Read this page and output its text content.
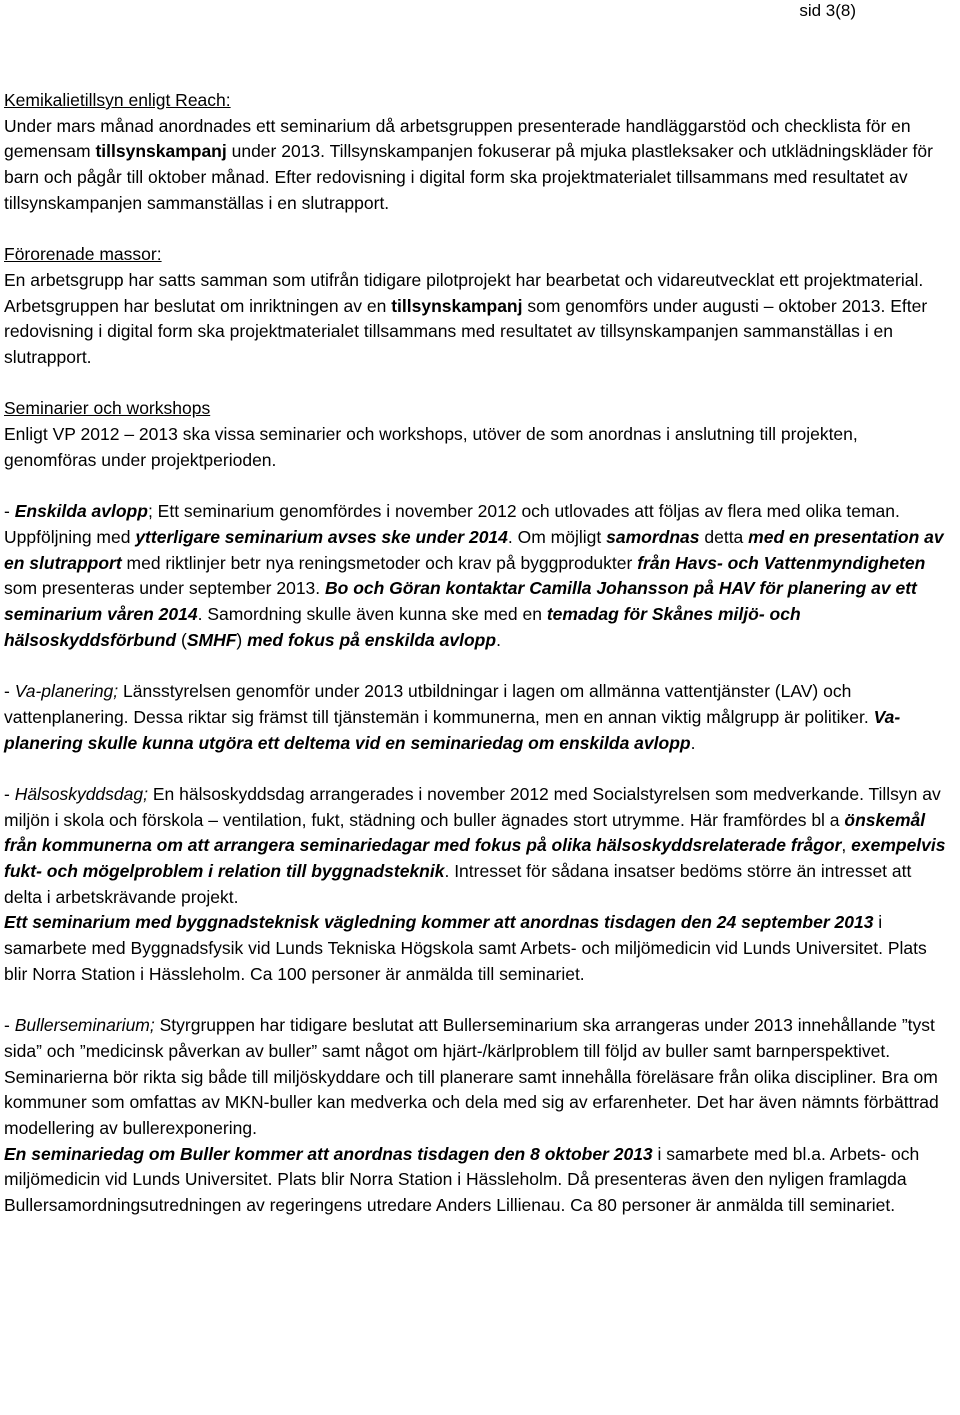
sid 3(8)

Kemikalietillsyn enligt Reach:

Under mars månad anordnades ett seminarium då arbetsgruppen presenterade handläggarstöd och checklista för en gemensam tillsynskampanj under 2013. Tillsynskampanjen fokuserar på mjuka plastleksaker och utklädningskläder för barn och pågår till oktober månad. Efter redovisning i digital form ska projektmaterialet tillsammans med resultatet av tillsynskampanjen sammanställas i en slutrapport.

Förorenade massor:

En arbetsgrupp har satts samman som utifrån tidigare pilotprojekt har bearbetat och vidareutvecklat ett projektmaterial. Arbetsgruppen har beslutat om inriktningen av en tillsynskampanj som genomförs under augusti – oktober 2013. Efter redovisning i digital form ska projektmaterialet tillsammans med resultatet av tillsynskampanjen sammanställas i en slutrapport.

Seminarier och workshops

Enligt VP 2012 – 2013 ska vissa seminarier och workshops, utöver de som anordnas i anslutning till projekten, genomföras under projektperioden.

- Enskilda avlopp; Ett seminarium genomfördes i november 2012 och utlovades att följas av flera med olika teman. Uppföljning med ytterligare seminarium avses ske under 2014. Om möjligt samordnas detta med en presentation av en slutrapport med riktlinjer betr nya reningsmetoder och krav på byggprodukter från Havs- och Vattenmyndigheten som presenteras under september 2013. Bo och Göran kontaktar Camilla Johansson på HAV för planering av ett seminarium våren 2014. Samordning skulle även kunna ske med en temadag för Skånes miljö- och hälsoskyddsförbund (SMHF) med fokus på enskilda avlopp.

- Va-planering; Länsstyrelsen genomför under 2013 utbildningar i lagen om allmänna vattentjänster (LAV) och vattenplanering. Dessa riktar sig främst till tjänstemän i kommunerna, men en annan viktig målgrupp är politiker. Va-planering skulle kunna utgöra ett deltema vid en seminariedag om enskilda avlopp.

- Hälsoskyddsdag; En hälsoskyddsdag arrangerades i november 2012 med Socialstyrelsen som medverkande. Tillsyn av miljön i skola och förskola – ventilation, fukt, städning och buller ägnades stort utrymme. Här framfördes bl a önskemål från kommunerna om att arrangera seminariedagar med fokus på olika hälsoskyddsrelaterade frågor, exempelvis fukt- och mögelproblem i relation till byggnadsteknik. Intresset för sådana insatser bedöms större än intresset att delta i arbetskrävande projekt.

Ett seminarium med byggnadsteknisk vägledning kommer att anordnas tisdagen den 24 september 2013 i samarbete med Byggnadsfysik vid Lunds Tekniska Högskola samt Arbets- och miljömedicin vid Lunds Universitet. Plats blir Norra Station i Hässleholm. Ca 100 personer är anmälda till seminariet.

- Bullerseminarium; Styrgruppen har tidigare beslutat att Bullerseminarium ska arrangeras under 2013 innehållande ”tyst sida” och ”medicinsk påverkan av buller” samt något om hjärt-/kärlproblem till följd av buller samt barnperspektivet. Seminarierna bör rikta sig både till miljöskyddare och till planerare samt innehålla föreläsare från olika discipliner. Bra om kommuner som omfattas av MKN-buller kan medverka och dela med sig av erfarenheter. Det har även nämnts förbättrad modellering av bullerexponering.

En seminariedag om Buller kommer att anordnas tisdagen den 8 oktober 2013 i samarbete med bl.a. Arbets- och miljömedicin vid Lunds Universitet. Plats blir Norra Station i Hässleholm. Då presenteras även den nyligen framlagda Bullersamordningsutredningen av regeringens utredare Anders Lillienau. Ca 80 personer är anmälda till seminariet.
